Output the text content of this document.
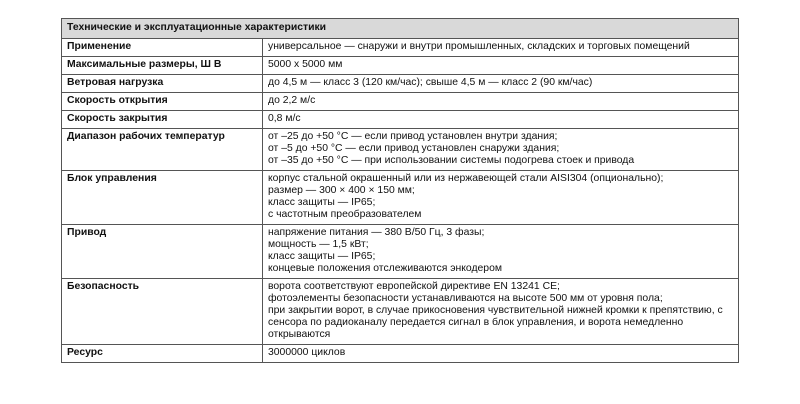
Технические и эксплуатационные характеристики	
Применение	универсальное — снаружи и внутри промышленных, складских и торговых помещений

Максимальные размеры, Ш В	5000 x 5000 мм

Ветровая нагрузка	до 4,5 м — класс 3 (120 км/час); свыше 4,5 м — класс 2 (90 км/час)

Скорость открытия	до 2,2 м/с

Скорость закрытия	0,8 м/с

Диапазон рабочих температур	от –25 до +50 °C — если привод установлен внутри здания;
от –5 до +50 °C — если привод установлен снаружи здания;
от –35 до +50 °C — при использовании системы подогрева стоек и привода

Блок управления	корпус стальной окрашенный или из нержавеющей стали AISI304 (опционально);
размер — 300 × 400 × 150 мм;
класс защиты — IP65;
с частотным преобразователем

Привод	напряжение питания — 380 В/50 Гц, 3 фазы;
мощность — 1,5 кВт;
класс защиты — IP65;
концевые положения отслеживаются энкодером

Безопасность	ворота соответствуют европейской директиве EN 13241 CE;
фотоэлементы безопасности устанавливаются на высоте 500 мм от уровня пола;
при закрытии ворот, в случае прикосновения чувствительной нижней кромки к препятствию, с
сенсора по радиоканалу передается сигнал в блок управления, и ворота немедленно
открываются

Ресурс	3000000 циклов
